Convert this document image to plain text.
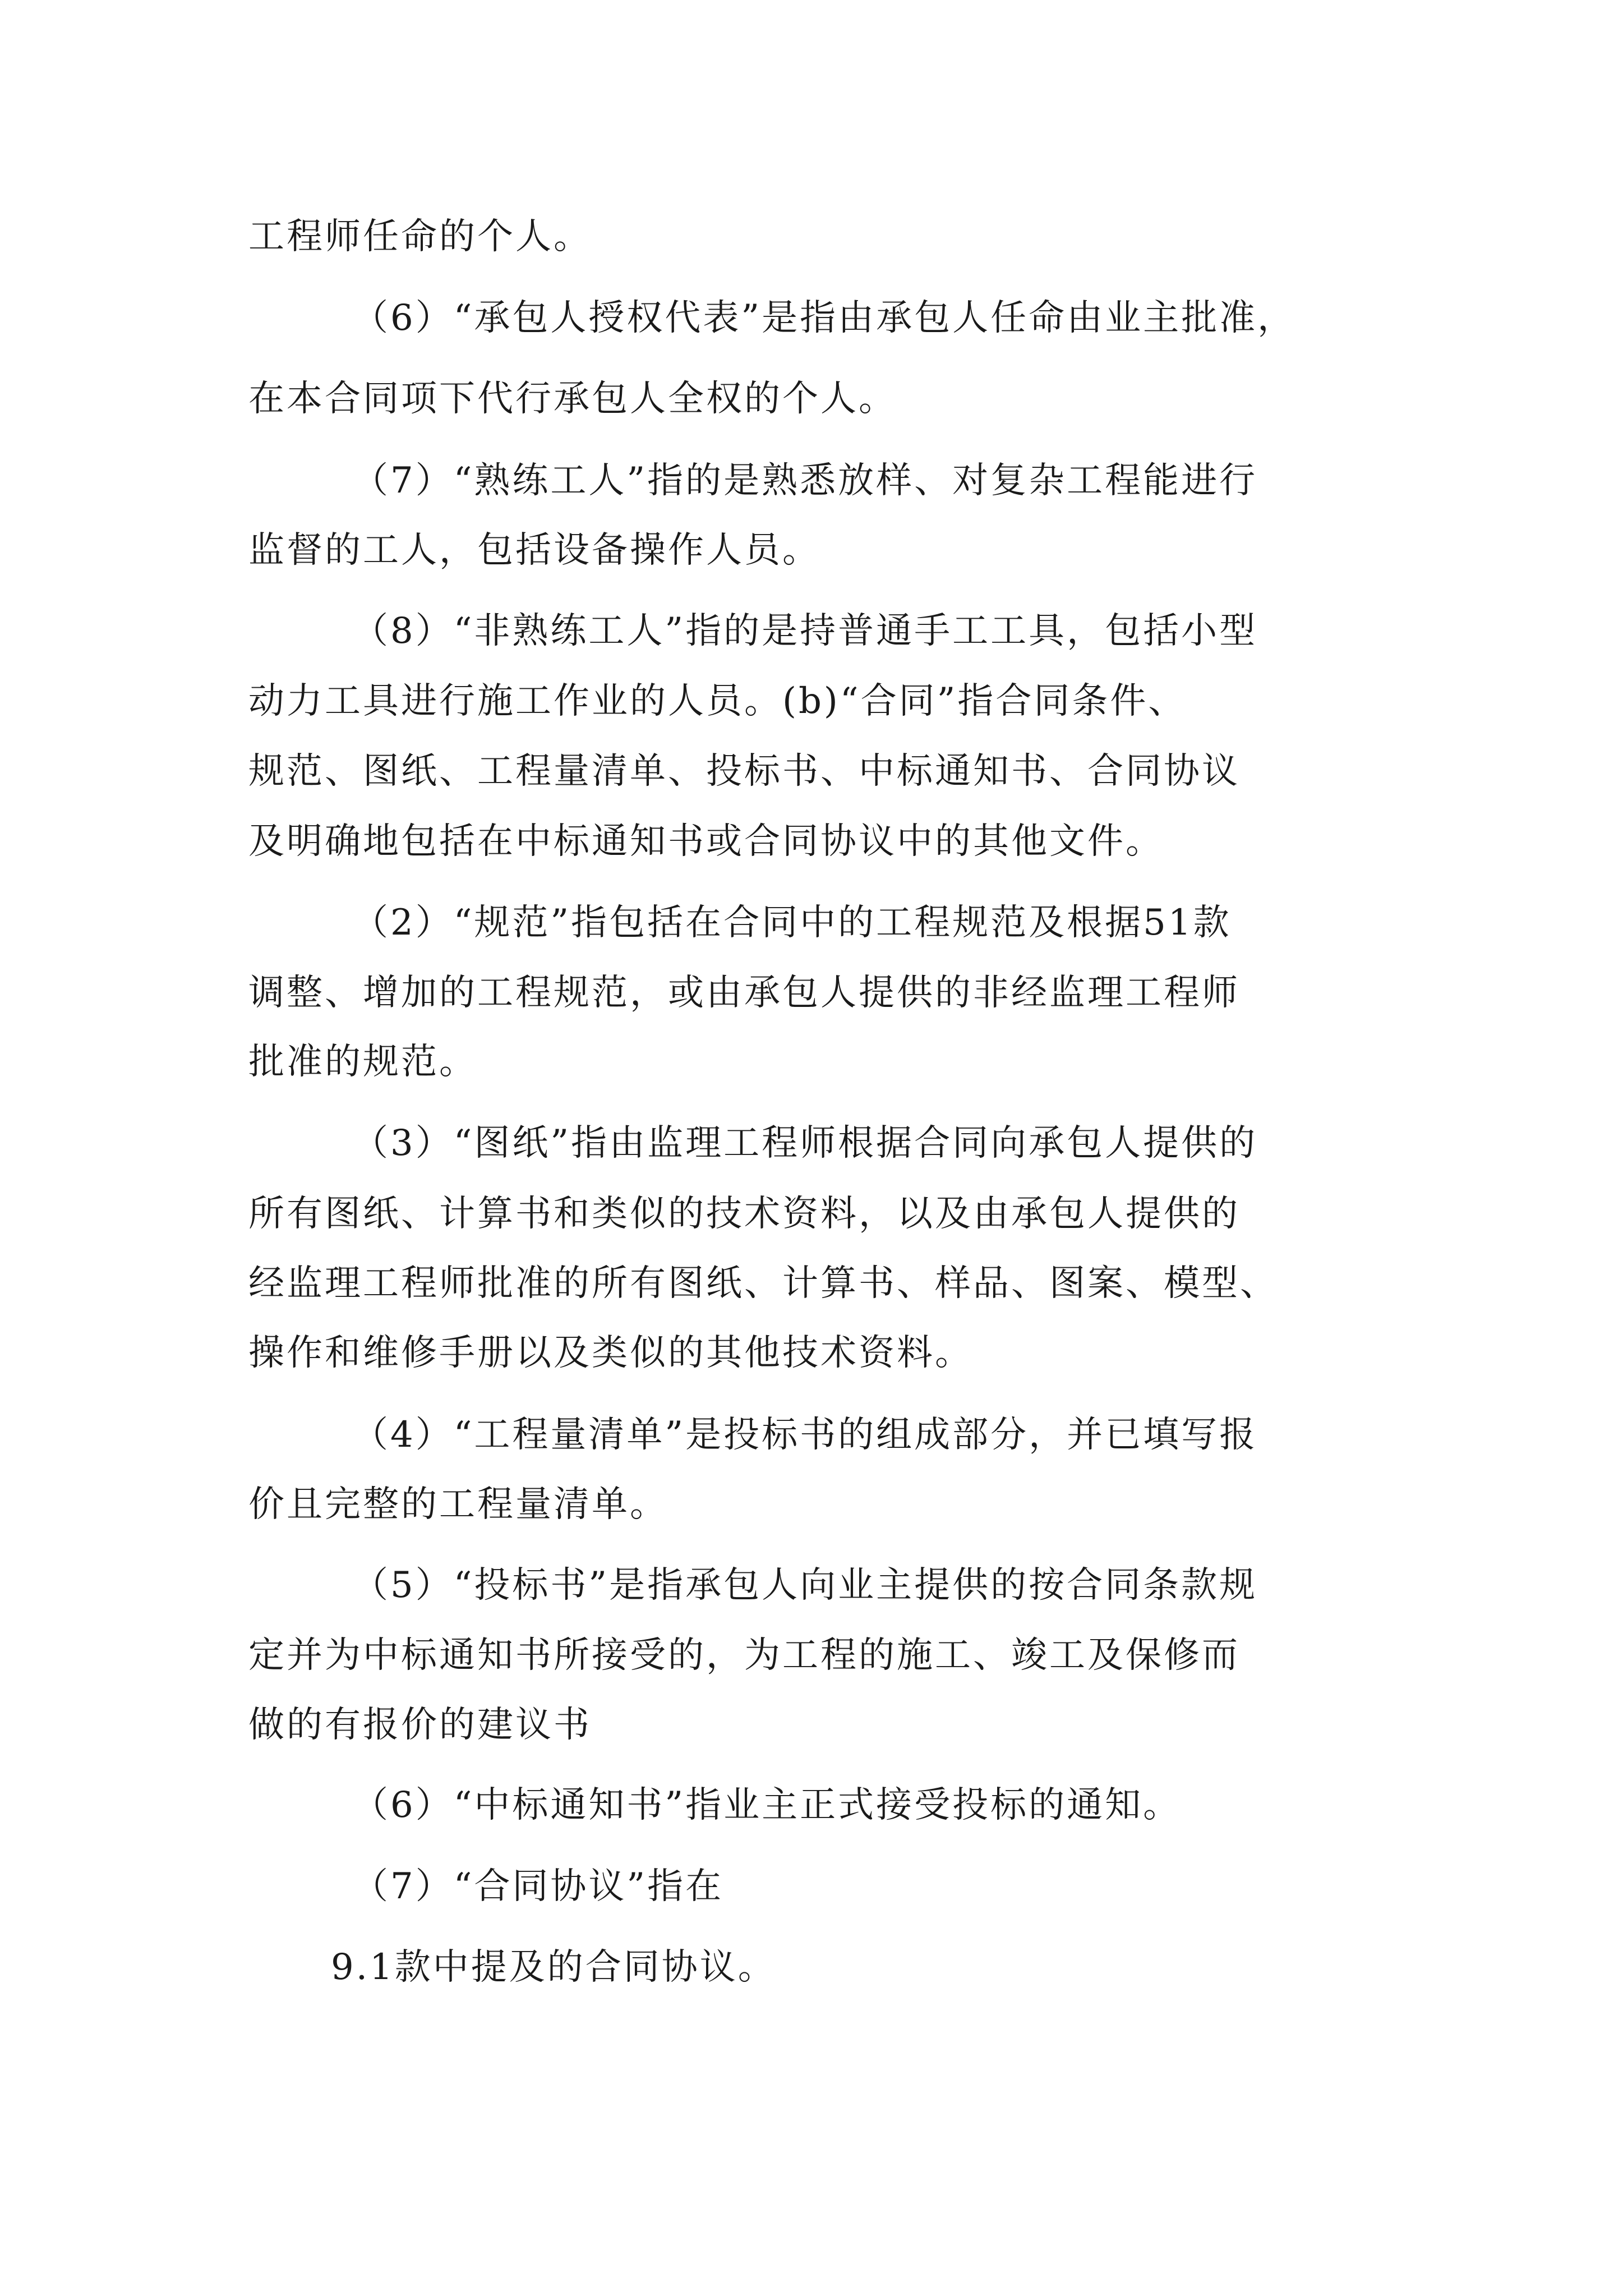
工程师任命的个人。

（6）“承包人授权代表”是指由承包人任命由业主批准，

在本合同项下代行承包人全权的个人。

（7）“熟练工人”指的是熟悉放样、对复杂工程能进行

监督的工人，包括设备操作人员。

（8）“非熟练工人”指的是持普通手工工具，包括小型

动力工具进行施工作业的人员。(b)“合同”指合同条件、

规范、图纸、工程量清单、投标书、中标通知书、合同协议

及明确地包括在中标通知书或合同协议中的其他文件。

（2）“规范”指包括在合同中的工程规范及根据51款

调整、增加的工程规范，或由承包人提供的非经监理工程师

批准的规范。

（3）“图纸”指由监理工程师根据合同向承包人提供的

所有图纸、计算书和类似的技术资料，以及由承包人提供的

经监理工程师批准的所有图纸、计算书、样品、图案、模型、

操作和维修手册以及类似的其他技术资料。

（4）“工程量清单”是投标书的组成部分，并已填写报

价且完整的工程量清单。

（5）“投标书”是指承包人向业主提供的按合同条款规

定并为中标通知书所接受的，为工程的施工、竣工及保修而

做的有报价的建议书

（6）“中标通知书”指业主正式接受投标的通知。

（7）“合同协议”指在

9.1款中提及的合同协议。
